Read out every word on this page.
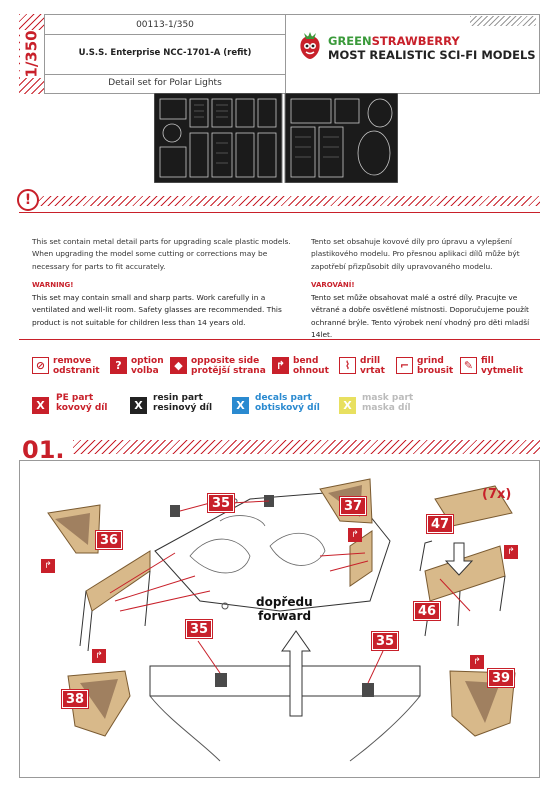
1/350
00113-1/350
U.S.S. Enterprise NCC-1701-A (refit)
Detail set for Polar Lights
GREENSTRAWBERRY
MOST REALISTIC SCI-FI MODELS
!
This set contain metal detail parts for upgrading scale plastic models. When upgrading the model some cutting or corrections may be necessary for parts to fit accurately.
WARNING!
This set may contain small and sharp parts. Work carefully in a ventilated and well-lit room. Safety glasses are recommended. This product is not suitable for children less than 14 years old.
Tento set obsahuje kovové díly pro úpravu a vylepšení plastikového modelu. Pro přesnou aplikaci dílů může být zapotřebí přizpůsobit díly upravovaného modelu.
VAROVÁNÍ!
Tento set může obsahovat malé a ostré díly. Pracujte ve větrané a dobře osvětlené místnosti. Doporučujeme použít ochranné brýle. Tento výrobek není vhodný pro děti mladší 14let.
⊘ remove
odstranit	?	option
volba	◆ opposite side
protější strana ↱ bend
ohnout	⌇	drill
vrtat	⌐ grind
brousit ✎ fill
vytmelit
X
PE part
kovový díl	X
resin part
resinový díl	X
decals part
obtiskový díl	X
mask part
maska díl
01.
35
35
35
36
37
38
39
46
47
↱
↱
↱
↱
↱
(7x)
dopředu
forward
